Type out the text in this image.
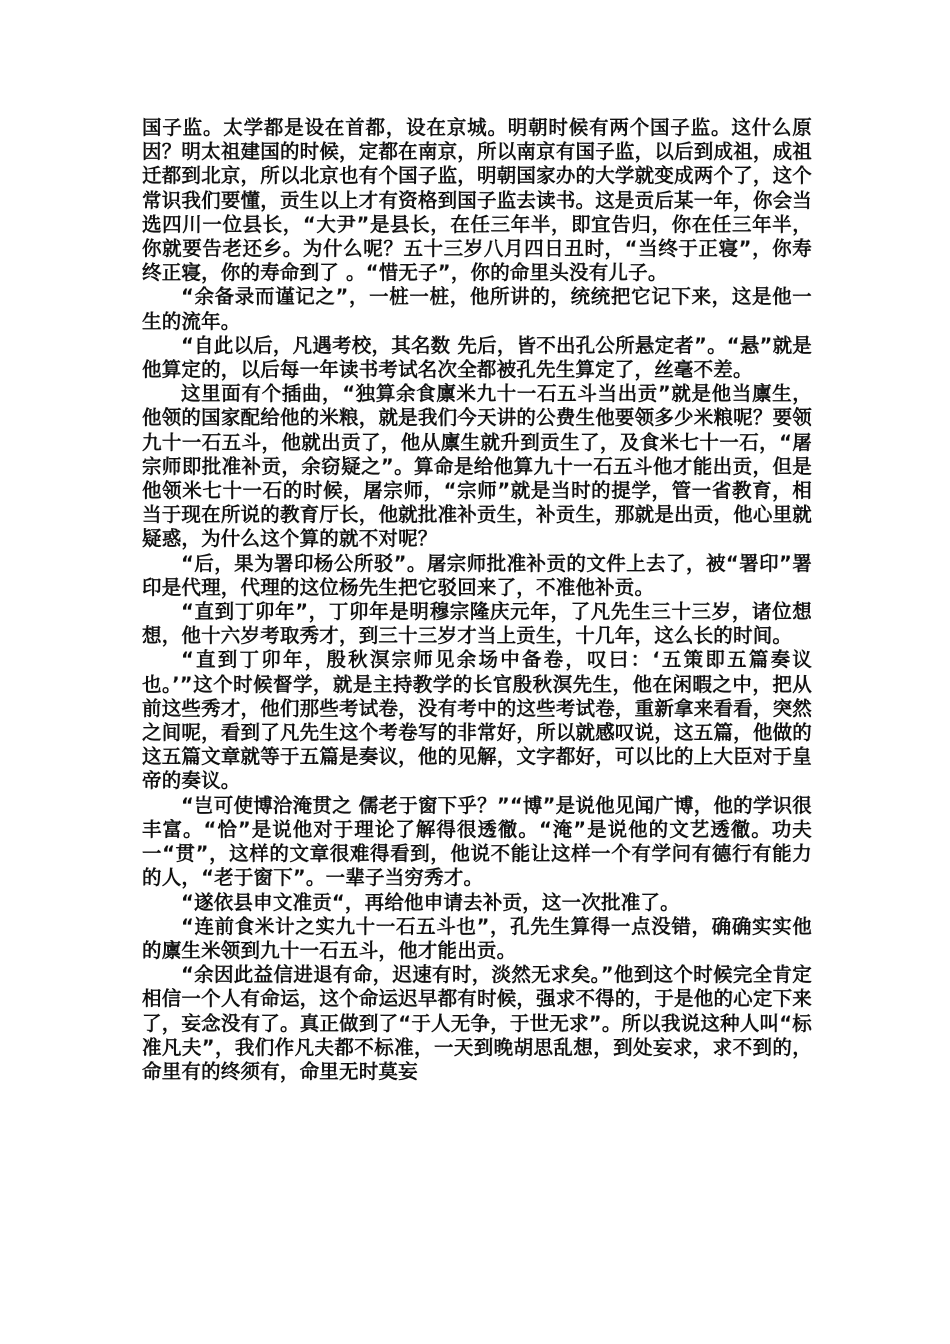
国子监。太学都是设在首都，设在京城。明朝时候有两个国子监。这什么原因？明太祖建国的时候，定都在南京，所以南京有国子监，以后到成祖，成祖迁都到北京，所以北京也有个国子监，明朝国家办的大学就变成两个了，这个常识我们要懂，贡生以上才有资格到国子监去读书。这是贡后某一年，你会当选四川一位县长，“大尹”是县长，在任三年半，即宜告归，你在任三年半，你就要告老还乡。为什么呢？五十三岁八月四日丑时，“当终于正寝”，你寿终正寝，你的寿命到了 。“惜无子”，你的命里头没有儿子。

“余备录而谨记之”，一桩一桩，他所讲的，统统把它记下来，这是他一生的流年。

“自此以后，凡遇考校，其名数 先后，皆不出孔公所悬定者”。“悬”就是他算定的，以后每一年读书考试名次全都被孔先生算定了，丝毫不差。

这里面有个插曲，“独算余食廪米九十一石五斗当出贡”就是他当廪生，他领的国家配给他的米粮，就是我们今天讲的公费生他要领多少米粮呢？要领九十一石五斗，他就出贡了，他从廪生就升到贡生了，及食米七十一石，“屠宗师即批准补贡，余窃疑之”。算命是给他算九十一石五斗他才能出贡，但是他领米七十一石的时候，屠宗师，“宗师”就是当时的提学，管一省教育，相当于现在所说的教育厅长，他就批准补贡生，补贡生，那就是出贡，他心里就疑惑，为什么这个算的就不对呢？

“后，果为署印杨公所驳”。屠宗师批准补贡的文件上去了，被“署印”署印是代理，代理的这位杨先生把它驳回来了，不准他补贡。

“直到丁卯年”，丁卯年是明穆宗隆庆元年，了凡先生三十三岁，诸位想想，他十六岁考取秀才，到三十三岁才当上贡生，十几年，这么长的时间。

“直到丁卯年，殷秋溟宗师见余场中备卷，叹曰：‘五策即五篇奏议也。’”这个时候督学，就是主持教学的长官殷秋溟先生，他在闲暇之中，把从前这些秀才，他们那些考试卷，没有考中的这些考试卷，重新拿来看看，突然之间呢，看到了凡先生这个考卷写的非常好，所以就感叹说，这五篇，他做的这五篇文章就等于五篇是奏议，他的见解，文字都好，可以比的上大臣对于皇帝的奏议。

“岂可使博洽淹贯之 儒老于窗下乎？”“博”是说他见闻广博，他的学识很丰富。“恰”是说他对于理论了解得很透徹。“淹”是说他的文艺透徹。功夫一“贯”，这样的文章很难得看到，他说不能让这样一个有学问有德行有能力的人，“老于窗下”。一辈子当穷秀才。

“遂依县申文准贡“，再给他申请去补贡，这一次批准了。

“连前食米计之实九十一石五斗也”，孔先生算得一点没错，确确实实他的廪生米领到九十一石五斗，他才能出贡。

“余因此益信进退有命，迟速有时，淡然无求矣。”他到这个时候完全肯定相信一个人有命运，这个命运迟早都有时候，强求不得的，于是他的心定下来了，妄念没有了。真正做到了“于人无争，于世无求”。所以我说这种人叫“标准凡夫”，我们作凡夫都不标准，一天到晚胡思乱想，到处妄求，求不到的，命里有的终须有，命里无时莫妄
